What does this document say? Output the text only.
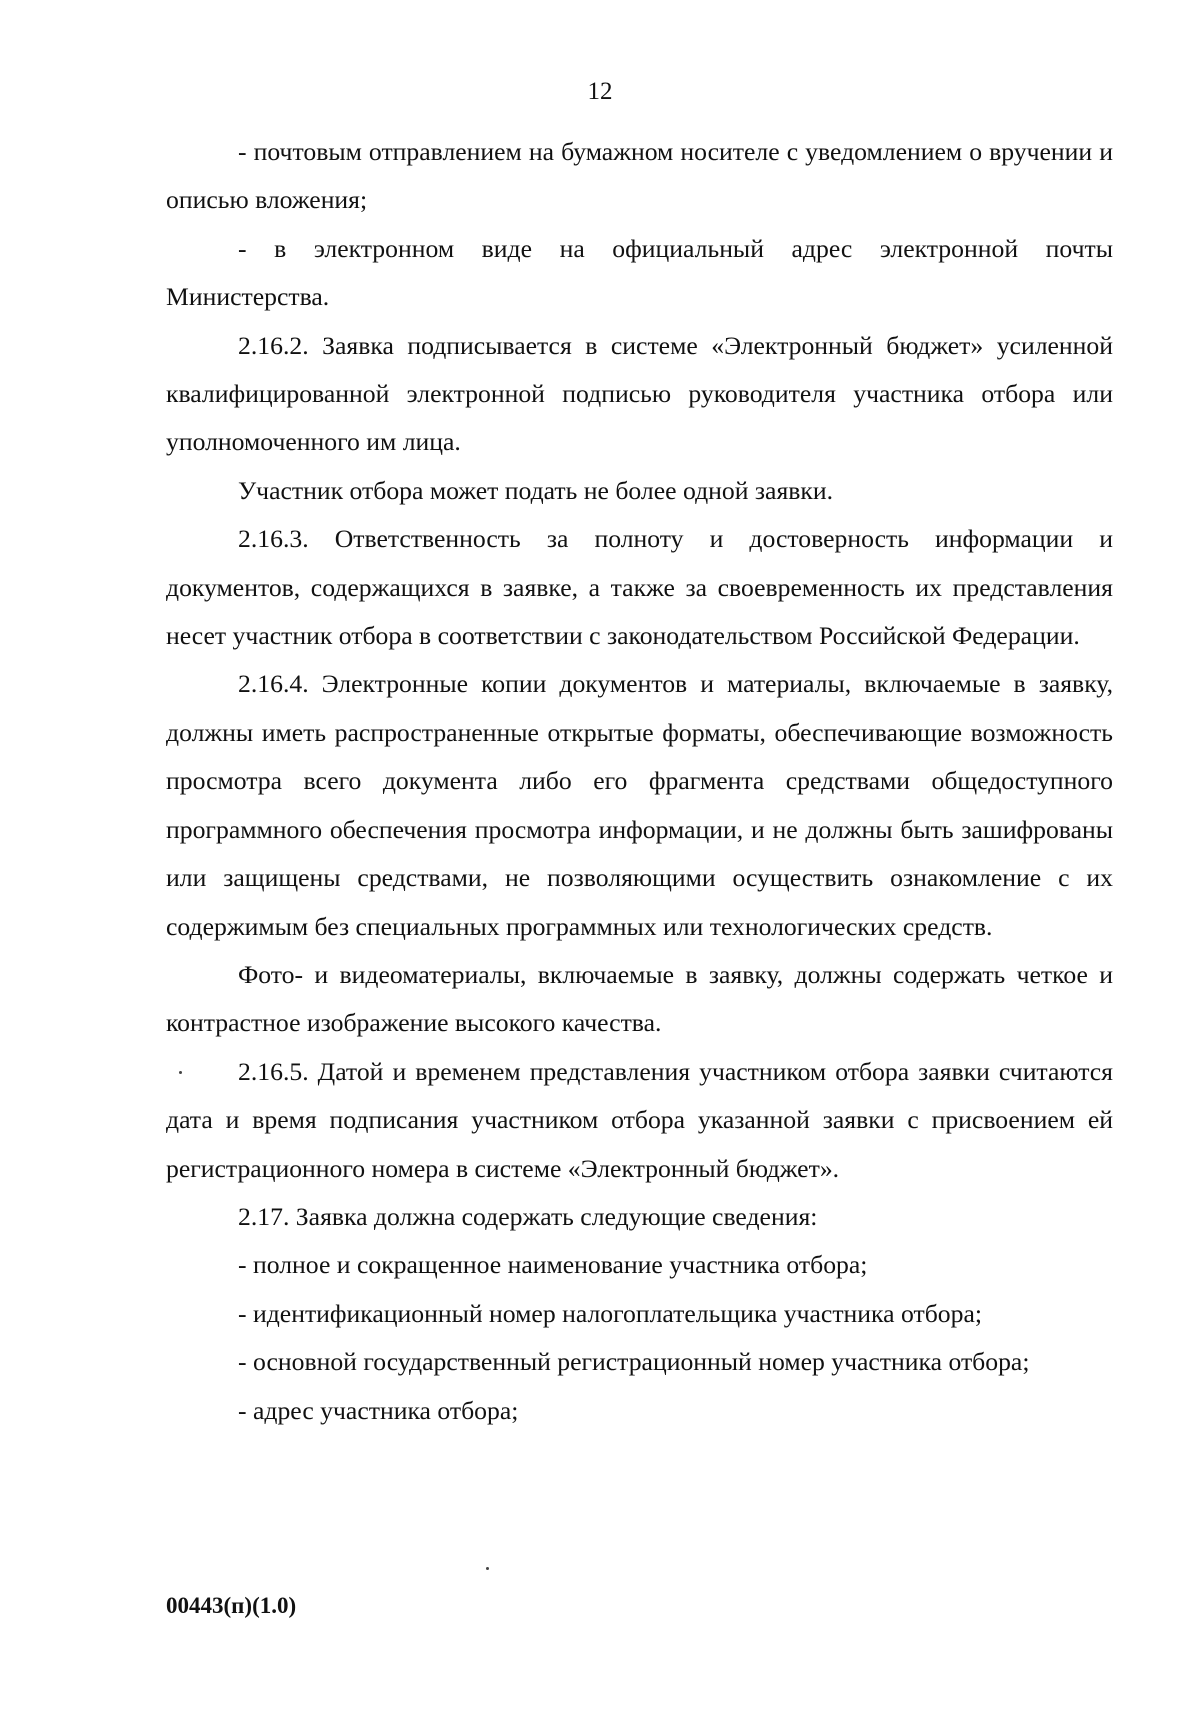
12

- почтовым отправлением на бумажном носителе с уведомлением о вручении и описью вложения;

- в электронном виде на официальный адрес электронной почты Министерства.

2.16.2. Заявка подписывается в системе «Электронный бюджет» усиленной квалифицированной электронной подписью руководителя участника отбора или уполномоченного им лица.

Участник отбора может подать не более одной заявки.

2.16.3. Ответственность за полноту и достоверность информации и документов, содержащихся в заявке, а также за своевременность их представления несет участник отбора в соответствии с законодательством Российской Федерации.

2.16.4. Электронные копии документов и материалы, включаемые в заявку, должны иметь распространенные открытые форматы, обеспечивающие возможность просмотра всего документа либо его фрагмента средствами общедоступного программного обеспечения просмотра информации, и не должны быть зашифрованы или защищены средствами, не позволяющими осуществить ознакомление с их содержимым без специальных программных или технологических средств.

Фото- и видеоматериалы, включаемые в заявку, должны содержать четкое и контрастное изображение высокого качества.

2.16.5. Датой и временем представления участником отбора заявки считаются дата и время подписания участником отбора указанной заявки с присвоением ей регистрационного номера в системе «Электронный бюджет».

2.17. Заявка должна содержать следующие сведения:

- полное и сокращенное наименование участника отбора;

- идентификационный номер налогоплательщика участника отбора;

- основной государственный регистрационный номер участника отбора;

- адрес участника отбора;

00443(п)(1.0)
